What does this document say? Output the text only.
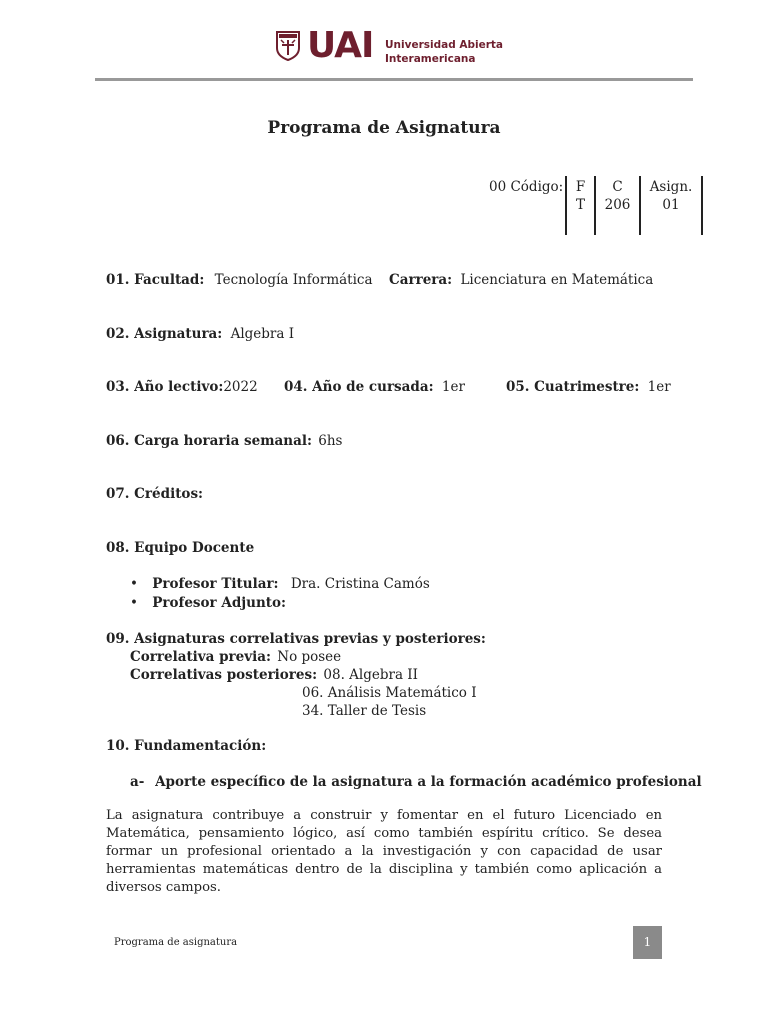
UAI Universidad Abierta
Interamericana
Programa de Asignatura
00 Código: F
T
C
206
Asign.
01
01. Facultad: Tecnología Informática Carrera: Licenciatura en Matemática
02. Asignatura: Algebra I
03. Año lectivo:2022 04. Año de cursada: 1er	05. Cuatrimestre: 1er
06. Carga horaria semanal: 6hs
07. Créditos:
08. Equipo Docente
• Profesor Titular: Dra. Cristina Camós
• Profesor Adjunto:
09. Asignaturas correlativas previas y posteriores:
Correlativa previa: No posee
Correlativas posteriores: 08. Algebra II
06. Análisis Matemático I
34. Taller de Tesis
10. Fundamentación:
a- Aporte específico de la asignatura a la formación académico profesional
La asignatura contribuye a construir y fomentar en el futuro Licenciado en Matemática, pensamiento lógico, así como también espíritu crítico. Se desea formar un profesional orientado a la investigación y con capacidad de usar herramientas matemáticas dentro de la disciplina y también como aplicación a diversos campos.
Programa de asignatura	1
